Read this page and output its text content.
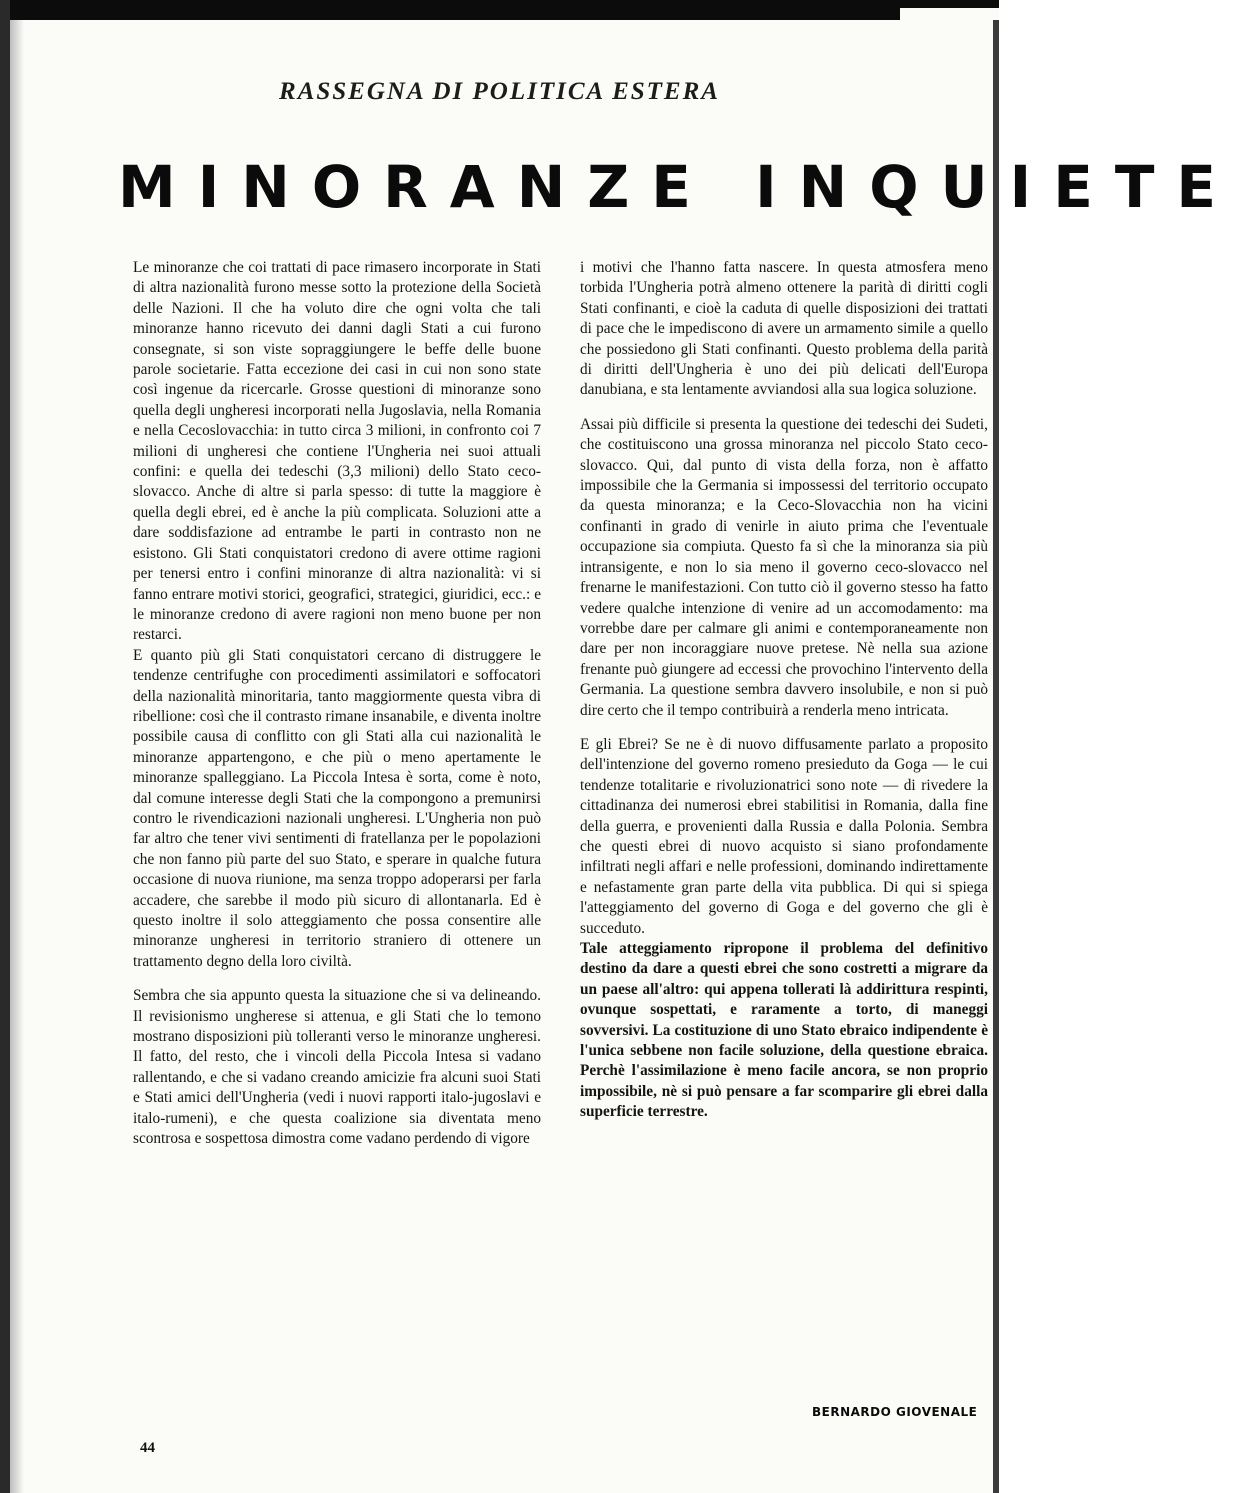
RASSEGNA DI POLITICA ESTERA
MINORANZE INQUIETE

Le minoranze che coi trattati di pace rimasero incorporate in Stati di altra nazionalità furono messe sotto la protezione della Società delle Nazioni. Il che ha voluto dire che ogni volta che tali minoranze hanno ricevuto dei danni dagli Stati a cui furono consegnate, si son viste sopraggiungere le beffe delle buone parole societarie. Fatta eccezione dei casi in cui non sono state così ingenue da ricercarle. Grosse questioni di minoranze sono quella degli ungheresi incorporati nella Jugoslavia, nella Romania e nella Cecoslovacchia: in tutto circa 3 milioni, in confronto coi 7 milioni di ungheresi che contiene l'Ungheria nei suoi attuali confini: e quella dei tedeschi (3,3 milioni) dello Stato ceco-slovacco. Anche di altre si parla spesso: di tutte la maggiore è quella degli ebrei, ed è anche la più complicata. Soluzioni atte a dare soddisfazione ad entrambe le parti in contrasto non ne esistono. Gli Stati conquistatori credono di avere ottime ragioni per tenersi entro i confini minoranze di altra nazionalità: vi si fanno entrare motivi storici, geografici, strategici, giuridici, ecc.: e le minoranze credono di avere ragioni non meno buone per non restarci.

E quanto più gli Stati conquistatori cercano di distruggere le tendenze centrifughe con procedimenti assimilatori e soffocatori della nazionalità minoritaria, tanto maggiormente questa vibra di ribellione: così che il contrasto rimane insanabile, e diventa inoltre possibile causa di conflitto con gli Stati alla cui nazionalità le minoranze appartengono, e che più o meno apertamente le minoranze spalleggiano. La Piccola Intesa è sorta, come è noto, dal comune interesse degli Stati che la compongono a premunirsi contro le rivendicazioni nazionali ungheresi. L'Ungheria non può far altro che tener vivi sentimenti di fratellanza per le popolazioni che non fanno più parte del suo Stato, e sperare in qualche futura occasione di nuova riunione, ma senza troppo adoperarsi per farla accadere, che sarebbe il modo più sicuro di allontanarla. Ed è questo inoltre il solo atteggiamento che possa consentire alle minoranze ungheresi in territorio straniero di ottenere un trattamento degno della loro civiltà.

Sembra che sia appunto questa la situazione che si va delineando. Il revisionismo ungherese si attenua, e gli Stati che lo temono mostrano disposizioni più tolleranti verso le minoranze ungheresi. Il fatto, del resto, che i vincoli della Piccola Intesa si vadano rallentando, e che si vadano creando amicizie fra alcuni suoi Stati e Stati amici dell'Ungheria (vedi i nuovi rapporti italo-jugoslavi e italo-rumeni), e che questa coalizione sia diventata meno scontrosa e sospettosa dimostra come vadano perdendo di vigore

i motivi che l'hanno fatta nascere. In questa atmosfera meno torbida l'Ungheria potrà almeno ottenere la parità di diritti cogli Stati confinanti, e cioè la caduta di quelle disposizioni dei trattati di pace che le impediscono di avere un armamento simile a quello che possiedono gli Stati confinanti. Questo problema della parità di diritti dell'Ungheria è uno dei più delicati dell'Europa danubiana, e sta lentamente avviandosi alla sua logica soluzione.

Assai più difficile si presenta la questione dei tedeschi dei Sudeti, che costituiscono una grossa minoranza nel piccolo Stato ceco-slovacco. Qui, dal punto di vista della forza, non è affatto impossibile che la Germania si impossessi del territorio occupato da questa minoranza; e la Ceco-Slovacchia non ha vicini confinanti in grado di venirle in aiuto prima che l'eventuale occupazione sia compiuta. Questo fa sì che la minoranza sia più intransigente, e non lo sia meno il governo ceco-slovacco nel frenarne le manifestazioni. Con tutto ciò il governo stesso ha fatto vedere qualche intenzione di venire ad un accomodamento: ma vorrebbe dare per calmare gli animi e contemporaneamente non dare per non incoraggiare nuove pretese. Nè nella sua azione frenante può giungere ad eccessi che provochino l'intervento della Germania. La questione sembra davvero insolubile, e non si può dire certo che il tempo contribuirà a renderla meno intricata.

E gli Ebrei? Se ne è di nuovo diffusamente parlato a proposito dell'intenzione del governo romeno presieduto da Goga — le cui tendenze totalitarie e rivoluzionatrici sono note — di rivedere la cittadinanza dei numerosi ebrei stabilitisi in Romania, dalla fine della guerra, e provenienti dalla Russia e dalla Polonia. Sembra che questi ebrei di nuovo acquisto si siano profondamente infiltrati negli affari e nelle professioni, dominando indirettamente e nefastamente gran parte della vita pubblica. Di qui si spiega l'atteggiamento del governo di Goga e del governo che gli è succeduto.

Tale atteggiamento ripropone il problema del definitivo destino da dare a questi ebrei che sono costretti a migrare da un paese all'altro: qui appena tollerati là addirittura respinti, ovunque sospettati, e raramente a torto, di maneggi sovversivi. La costituzione di uno Stato ebraico indipendente è l'unica sebbene non facile soluzione, della questione ebraica. Perchè l'assimilazione è meno facile ancora, se non proprio impossibile, nè si può pensare a far scomparire gli ebrei dalla superficie terrestre.

BERNARDO GIOVENALE
44
